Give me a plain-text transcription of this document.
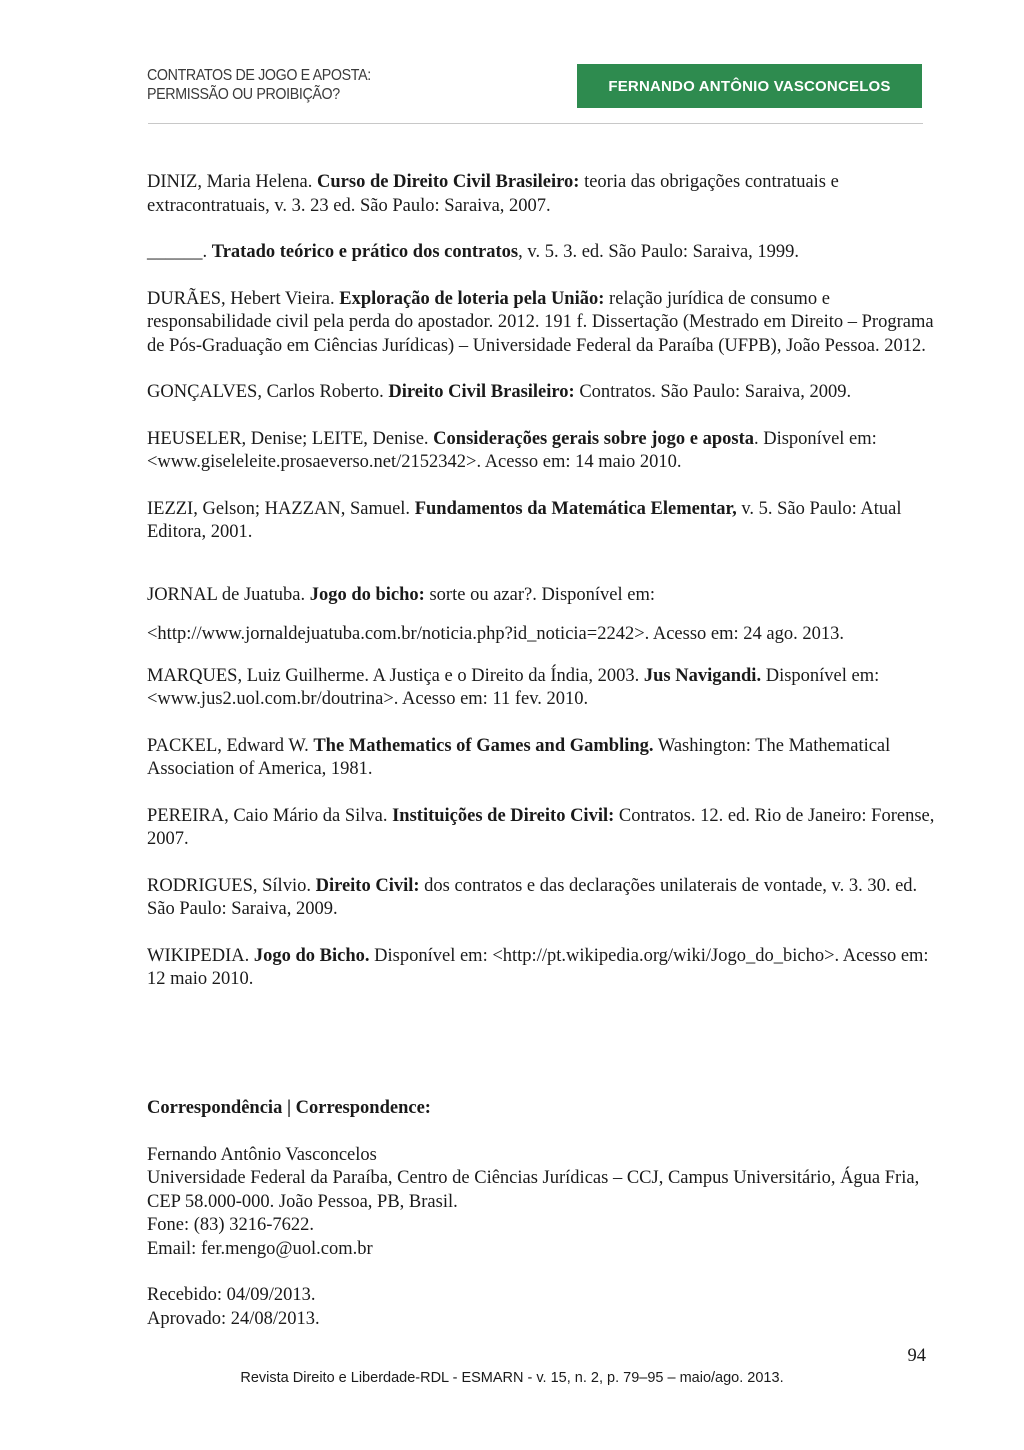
CONTRATOS DE JOGO E APOSTA:
PERMISSÃO OU PROIBIÇÃO?	FERNANDO ANTÔNIO VASCONCELOS

DINIZ, Maria Helena. Curso de Direito Civil Brasileiro: teoria das obrigações contratuais e extracontratuais, v. 3. 23 ed. São Paulo: Saraiva, 2007.

______. Tratado teórico e prático dos contratos, v. 5. 3. ed. São Paulo: Saraiva, 1999.

DURÃES, Hebert Vieira. Exploração de loteria pela União: relação jurídica de consumo e responsabilidade civil pela perda do apostador. 2012. 191 f. Dissertação (Mestrado em Direito – Programa de Pós-Graduação em Ciências Jurídicas) – Universidade Federal da Paraíba (UFPB), João Pessoa. 2012.

GONÇALVES, Carlos Roberto. Direito Civil Brasileiro: Contratos. São Paulo: Saraiva, 2009.

HEUSELER, Denise; LEITE, Denise. Considerações gerais sobre jogo e aposta. Disponível em: <www.giseleleite.prosaeverso.net/2152342>. Acesso em: 14 maio 2010.

IEZZI, Gelson; HAZZAN, Samuel. Fundamentos da Matemática Elementar, v. 5. São Paulo: Atual Editora, 2001.

JORNAL de Juatuba. Jogo do bicho: sorte ou azar?. Disponível em: <http://www.jornaldejuatuba.com.br/noticia.php?id_noticia=2242>. Acesso em: 24 ago. 2013.

MARQUES, Luiz Guilherme. A Justiça e o Direito da Índia, 2003. Jus Navigandi. Disponível em: <www.jus2.uol.com.br/doutrina>. Acesso em: 11 fev. 2010.

PACKEL, Edward W. The Mathematics of Games and Gambling. Washington: The Mathematical Association of America, 1981.

PEREIRA, Caio Mário da Silva. Instituições de Direito Civil: Contratos. 12. ed. Rio de Janeiro: Forense, 2007.

RODRIGUES, Sílvio. Direito Civil: dos contratos e das declarações unilaterais de vontade, v. 3. 30. ed. São Paulo: Saraiva, 2009.

WIKIPEDIA. Jogo do Bicho. Disponível em: <http://pt.wikipedia.org/wiki/Jogo_do_bicho>. Acesso em: 12 maio 2010.

Correspondência | Correspondence:
Fernando Antônio Vasconcelos
Universidade Federal da Paraíba, Centro de Ciências Jurídicas – CCJ, Campus Universitário, Água Fria, CEP 58.000-000. João Pessoa, PB, Brasil.
Fone: (83) 3216-7622.
Email: fer.mengo@uol.com.br
Recebido: 04/09/2013.
Aprovado: 24/08/2013.
94
Revista Direito e Liberdade-RDL - ESMARN - v. 15, n. 2, p. 79–95 – maio/ago. 2013.
